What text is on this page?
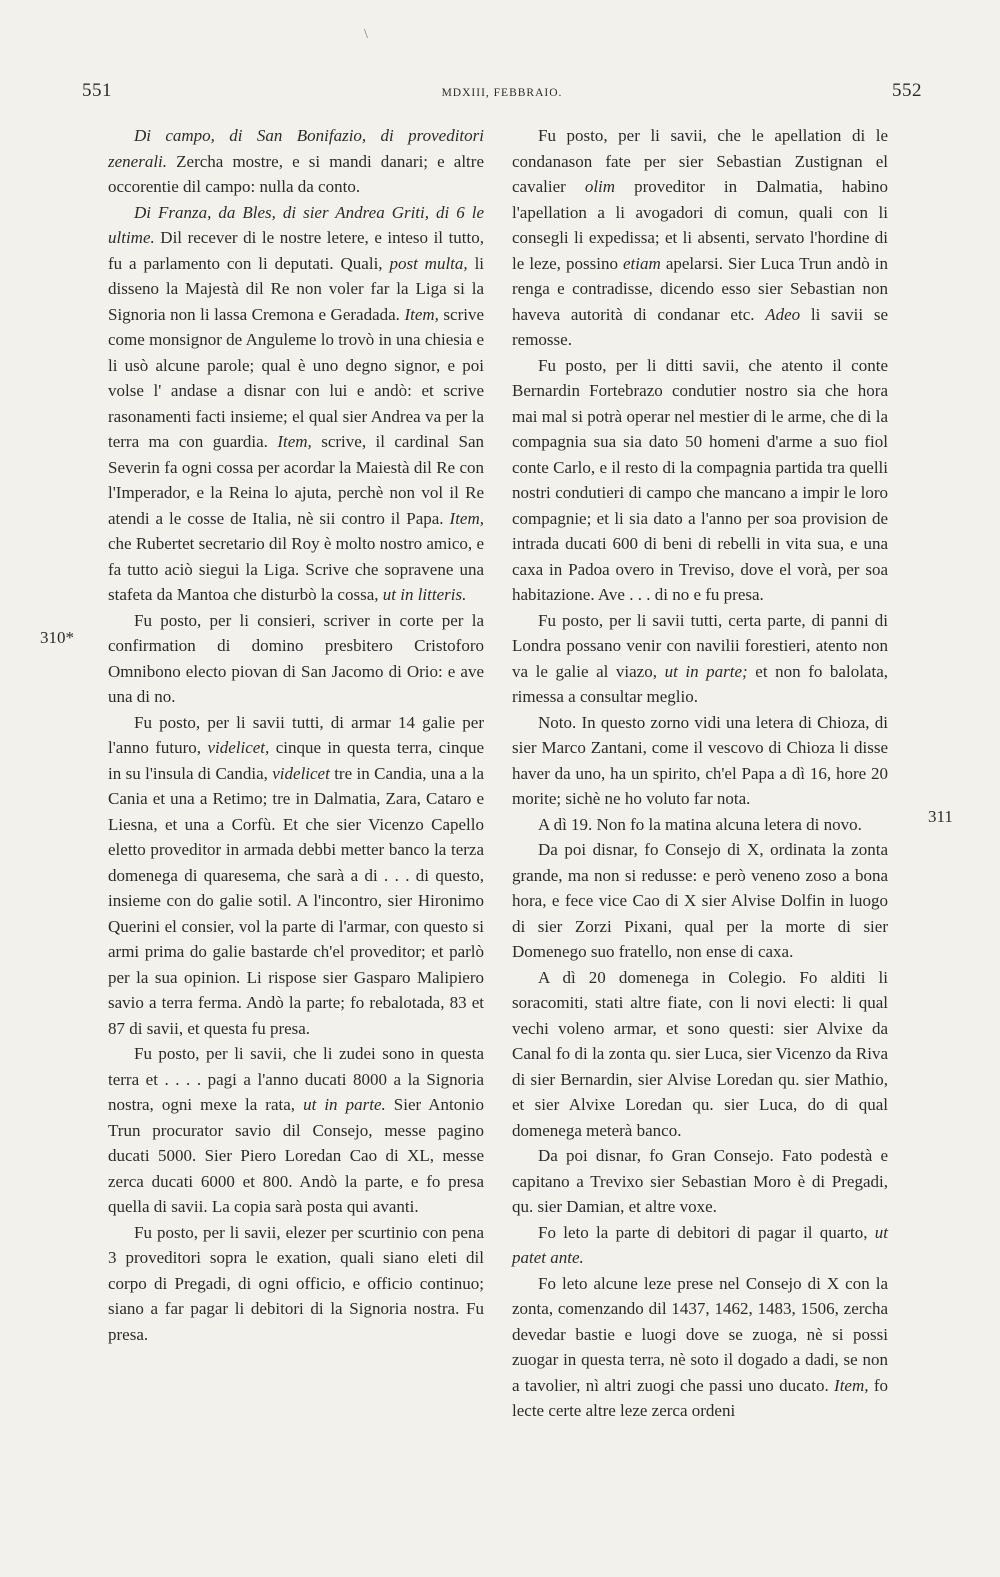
\
551	MDXIII, FEBBRAIO.	552
310*
311

Di campo, di San Bonifazio, di proveditori zenerali. Zercha mostre, e si mandi danari; e altre occorentie dil campo: nulla da conto.

Di Franza, da Bles, di sier Andrea Griti, di 6 le ultime. Dil recever di le nostre letere, e inteso il tutto, fu a parlamento con li deputati. Quali, post multa, li disseno la Majestà dil Re non voler far la Liga si la Signoria non li lassa Cremona e Geradada. Item, scrive come monsignor de Anguleme lo trovò in una chiesia e li usò alcune parole; qual è uno degno signor, e poi volse l' andase a disnar con lui e andò: et scrive rasonamenti facti insieme; el qual sier Andrea va per la terra ma con guardia. Item, scrive, il cardinal San Severin fa ogni cossa per acordar la Maiestà dil Re con l'Imperador, e la Reina lo ajuta, perchè non vol il Re atendi a le cosse de Italia, nè sii contro il Papa. Item, che Rubertet secretario dil Roy è molto nostro amico, e fa tutto aciò siegui la Liga. Scrive che sopravene una stafeta da Mantoa che disturbò la cossa, ut in litteris.

Fu posto, per li consieri, scriver in corte per la confirmation di domino presbitero Cristoforo Omnibono electo piovan di San Jacomo di Orio: e ave una di no.

Fu posto, per li savii tutti, di armar 14 galie per l'anno futuro, videlicet, cinque in questa terra, cinque in su l'insula di Candia, videlicet tre in Candia, una a la Cania et una a Retimo; tre in Dalmatia, Zara, Cataro e Liesna, et una a Corfù. Et che sier Vicenzo Capello eletto proveditor in armada debbi metter banco la terza domenega di quaresema, che sarà a di . . . di questo, insieme con do galie sotil. A l'incontro, sier Hironimo Querini el consier, vol la parte di l'armar, con questo si armi prima do galie bastarde ch'el proveditor; et parlò per la sua opinion. Li rispose sier Gasparo Malipiero savio a terra ferma. Andò la parte; fo rebalotada, 83 et 87 di savii, et questa fu presa.

Fu posto, per li savii, che li zudei sono in questa terra et . . . . pagi a l'anno ducati 8000 a la Signoria nostra, ogni mexe la rata, ut in parte. Sier Antonio Trun procurator savio dil Consejo, messe pagino ducati 5000. Sier Piero Loredan Cao di XL, messe zerca ducati 6000 et 800. Andò la parte, e fo presa quella di savii. La copia sarà posta qui avanti.

Fu posto, per li savii, elezer per scurtinio con pena 3 proveditori sopra le exation, quali siano eleti dil corpo di Pregadi, di ogni officio, e officio continuo; siano a far pagar li debitori di la Signoria nostra. Fu presa.

Fu posto, per li savii, che le apellation di le condanason fate per sier Sebastian Zustignan el cavalier olim proveditor in Dalmatia, habino l'apellation a li avogadori di comun, quali con li consegli li expedissa; et li absenti, servato l'hordine di le leze, possino etiam apelarsi. Sier Luca Trun andò in renga e contradisse, dicendo esso sier Sebastian non haveva autorità di condanar etc. Adeo li savii se remosse.

Fu posto, per li ditti savii, che atento il conte Bernardin Fortebrazo condutier nostro sia che hora mai mal si potrà operar nel mestier di le arme, che di la compagnia sua sia dato 50 homeni d'arme a suo fiol conte Carlo, e il resto di la compagnia partida tra quelli nostri condutieri di campo che mancano a impir le loro compagnie; et li sia dato a l'anno per soa provision de intrada ducati 600 di beni di rebelli in vita sua, e una caxa in Padoa overo in Treviso, dove el vorà, per soa habitazione. Ave . . . di no e fu presa.

Fu posto, per li savii tutti, certa parte, di panni di Londra possano venir con navilii forestieri, atento non va le galie al viazo, ut in parte; et non fo balolata, rimessa a consultar meglio.

Noto. In questo zorno vidi una letera di Chioza, di sier Marco Zantani, come il vescovo di Chioza li disse haver da uno, ha un spirito, ch'el Papa a dì 16, hore 20 morite; sichè ne ho voluto far nota.

A dì 19. Non fo la matina alcuna letera di novo.

Da poi disnar, fo Consejo di X, ordinata la zonta grande, ma non si redusse: e però veneno zoso a bona hora, e fece vice Cao di X sier Alvise Dolfin in luogo di sier Zorzi Pixani, qual per la morte di sier Domenego suo fratello, non ense di caxa.

A dì 20 domenega in Colegio. Fo alditi li soracomiti, stati altre fiate, con li novi electi: li qual vechi voleno armar, et sono questi: sier Alvixe da Canal fo di la zonta qu. sier Luca, sier Vicenzo da Riva di sier Bernardin, sier Alvise Loredan qu. sier Mathio, et sier Alvixe Loredan qu. sier Luca, do di qual domenega meterà banco.

Da poi disnar, fo Gran Consejo. Fato podestà e capitano a Trevixo sier Sebastian Moro è di Pregadi, qu. sier Damian, et altre voxe.

Fo leto la parte di debitori di pagar il quarto, ut patet ante.

Fo leto alcune leze prese nel Consejo di X con la zonta, comenzando dil 1437, 1462, 1483, 1506, zercha devedar bastie e luogi dove se zuoga, nè si possi zuogar in questa terra, nè soto il dogado a dadi, se non a tavolier, nì altri zuogi che passi uno ducato. Item, fo lecte certe altre leze zerca ordeni
